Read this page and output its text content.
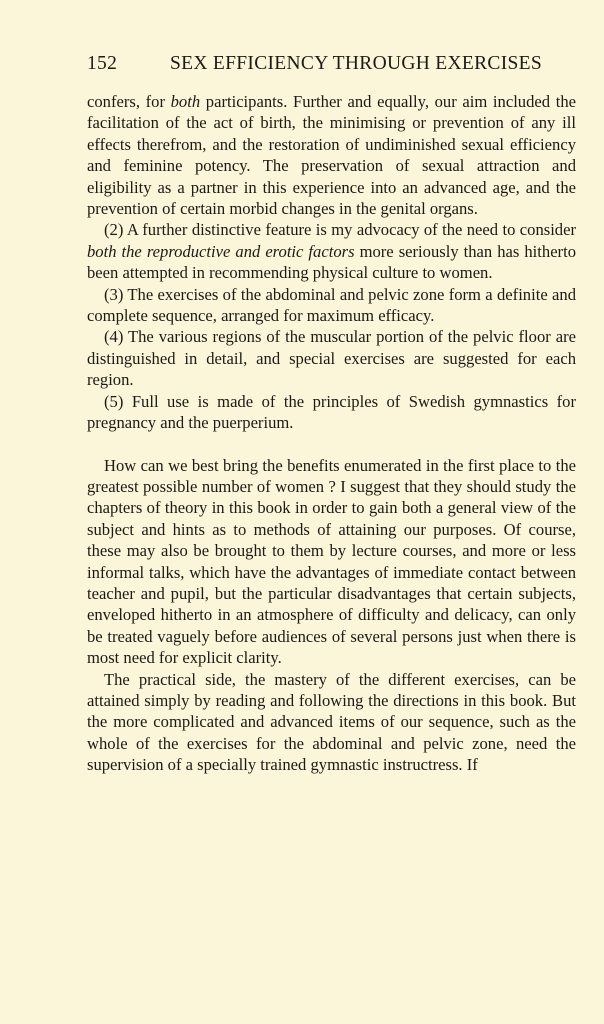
152	SEX EFFICIENCY THROUGH EXERCISES

confers, for both participants. Further and equally, our aim included the facilitation of the act of birth, the minimising or prevention of any ill effects therefrom, and the restoration of undiminished sexual efficiency and feminine potency. The preservation of sexual attraction and eligibility as a partner in this experience into an advanced age, and the prevention of certain morbid changes in the genital organs.

(2) A further distinctive feature is my advocacy of the need to consider both the reproductive and erotic factors more seriously than has hitherto been attempted in recommending physical culture to women.

(3) The exercises of the abdominal and pelvic zone form a definite and complete sequence, arranged for maximum efficacy.

(4) The various regions of the muscular portion of the pelvic floor are distinguished in detail, and special exercises are suggested for each region.

(5) Full use is made of the principles of Swedish gymnastics for pregnancy and the puerperium.

How can we best bring the benefits enumerated in the first place to the greatest possible number of women ? I suggest that they should study the chapters of theory in this book in order to gain both a general view of the subject and hints as to methods of attaining our purposes. Of course, these may also be brought to them by lecture courses, and more or less informal talks, which have the advantages of immediate contact between teacher and pupil, but the particular disadvantages that certain subjects, enveloped hitherto in an atmosphere of difficulty and delicacy, can only be treated vaguely before audiences of several persons just when there is most need for explicit clarity.

The practical side, the mastery of the different exercises, can be attained simply by reading and following the directions in this book. But the more complicated and advanced items of our sequence, such as the whole of the exercises for the abdominal and pelvic zone, need the supervision of a specially trained gymnastic instructress. If
